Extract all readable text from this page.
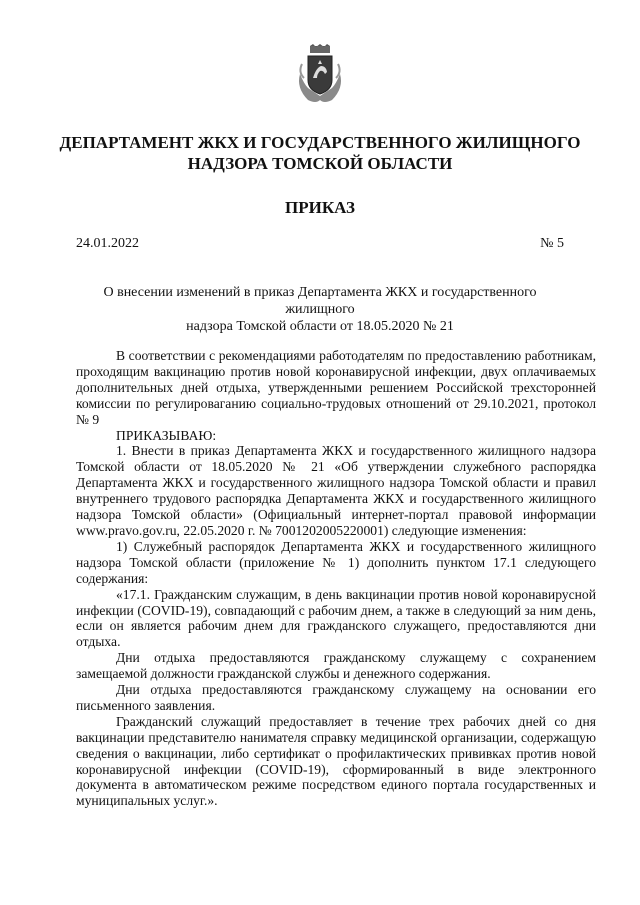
ДЕПАРТАМЕНТ ЖКХ И ГОСУДАРСТВЕННОГО ЖИЛИЩНОГО
НАДЗОРА ТОМСКОЙ ОБЛАСТИ
ПРИКАЗ
24.01.2022	№ 5
О внесении изменений в приказ Департамента ЖКХ и государственного жилищного
надзора Томской области от 18.05.2020 № 21

В соответствии с рекомендациями работодателям по предоставлению работникам, проходящим вакцинацию против новой коронавирусной инфекции, двух оплачиваемых дополнительных дней отдыха, утвержденными решением Российской трехсторонней комиссии по регулироваганию социально-трудовых отношений от 29.10.2021, протокол № 9

ПРИКАЗЫВАЮ:

1. Внести в приказ Департамента ЖКХ и государственного жилищного надзора Томской области от 18.05.2020 № 21 «Об утверждении служебного распорядка Департамента ЖКХ и государственного жилищного надзора Томской области и правил внутреннего трудового распорядка Департамента ЖКХ и государственного жилищного надзора Томской области» (Официальный интернет-портал правовой информации www.pravo.gov.ru, 22.05.2020 г. № 7001202005220001) следующие изменения:

1) Служебный распорядок Департамента ЖКХ и государственного жилищного надзора Томской области (приложение № 1) дополнить пунктом 17.1 следующего содержания:

«17.1. Гражданским служащим, в день вакцинации против новой коронавирусной инфекции (COVID-19), совпадающий с рабочим днем, а также в следующий за ним день, если он является рабочим днем для гражданского служащего, предоставляются дни отдыха.

Дни отдыха предоставляются гражданскому служащему с сохранением замещаемой должности гражданской службы и денежного содержания.

Дни отдыха предоставляются гражданскому служащему на основании его письменного заявления.

Гражданский служащий предоставляет в течение трех рабочих дней со дня вакцинации представителю нанимателя справку медицинской организации, содержащую сведения о вакцинации, либо сертификат о профилактических прививках против новой коронавирусной инфекции (COVID-19), сформированный в виде электронного документа в автоматическом режиме посредством единого портала государственных и муниципальных услуг.».
